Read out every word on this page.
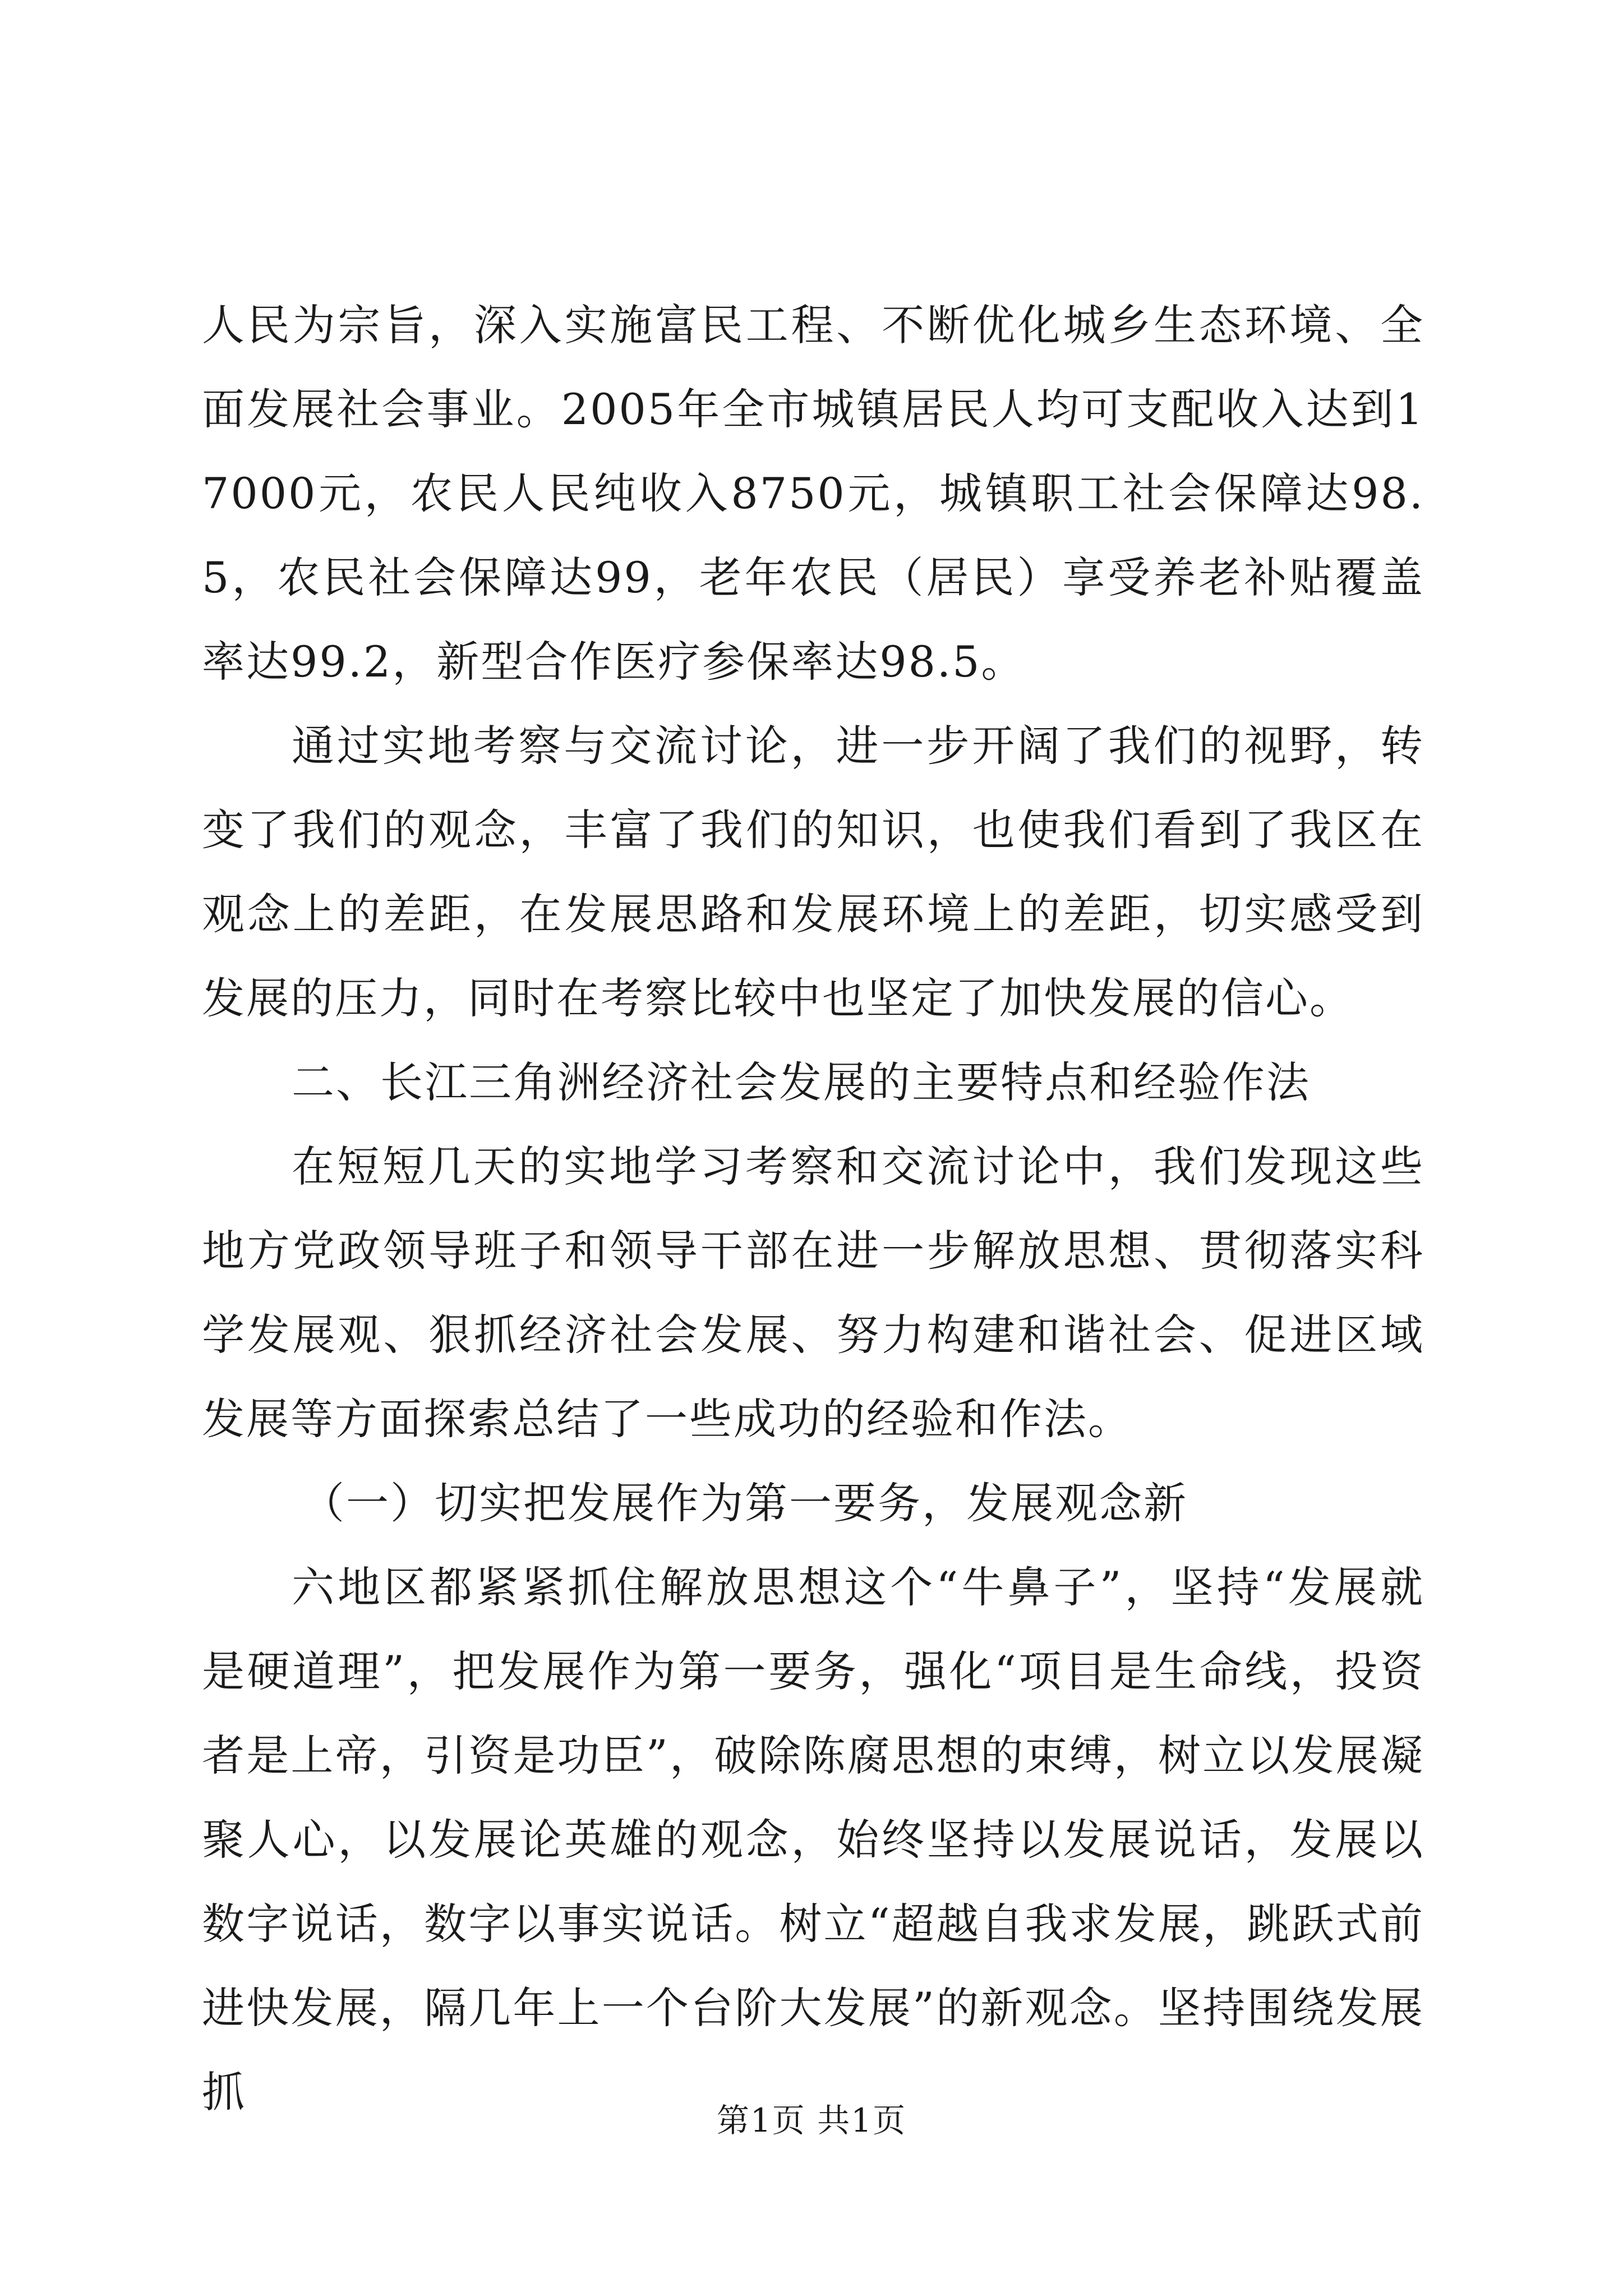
人民为宗旨，深入实施富民工程、不断优化城乡生态环境、全面发展社会事业。2005年全市城镇居民人均可支配收入达到17000元，农民人民纯收入8750元，城镇职工社会保障达98.5，农民社会保障达99，老年农民（居民）享受养老补贴覆盖率达99.2，新型合作医疗参保率达98.5。

通过实地考察与交流讨论，进一步开阔了我们的视野，转变了我们的观念，丰富了我们的知识，也使我们看到了我区在观念上的差距，在发展思路和发展环境上的差距，切实感受到发展的压力，同时在考察比较中也坚定了加快发展的信心。

二、长江三角洲经济社会发展的主要特点和经验作法

在短短几天的实地学习考察和交流讨论中，我们发现这些地方党政领导班子和领导干部在进一步解放思想、贯彻落实科学发展观、狠抓经济社会发展、努力构建和谐社会、促进区域发展等方面探索总结了一些成功的经验和作法。

（一）切实把发展作为第一要务，发展观念新

六地区都紧紧抓住解放思想这个“牛鼻子”，坚持“发展就是硬道理”，把发展作为第一要务，强化“项目是生命线，投资者是上帝，引资是功臣”，破除陈腐思想的束缚，树立以发展凝聚人心，以发展论英雄的观念，始终坚持以发展说话，发展以数字说话，数字以事实说话。树立“超越自我求发展，跳跃式前进快发展，隔几年上一个台阶大发展”的新观念。坚持围绕发展抓

第1页 共1页
